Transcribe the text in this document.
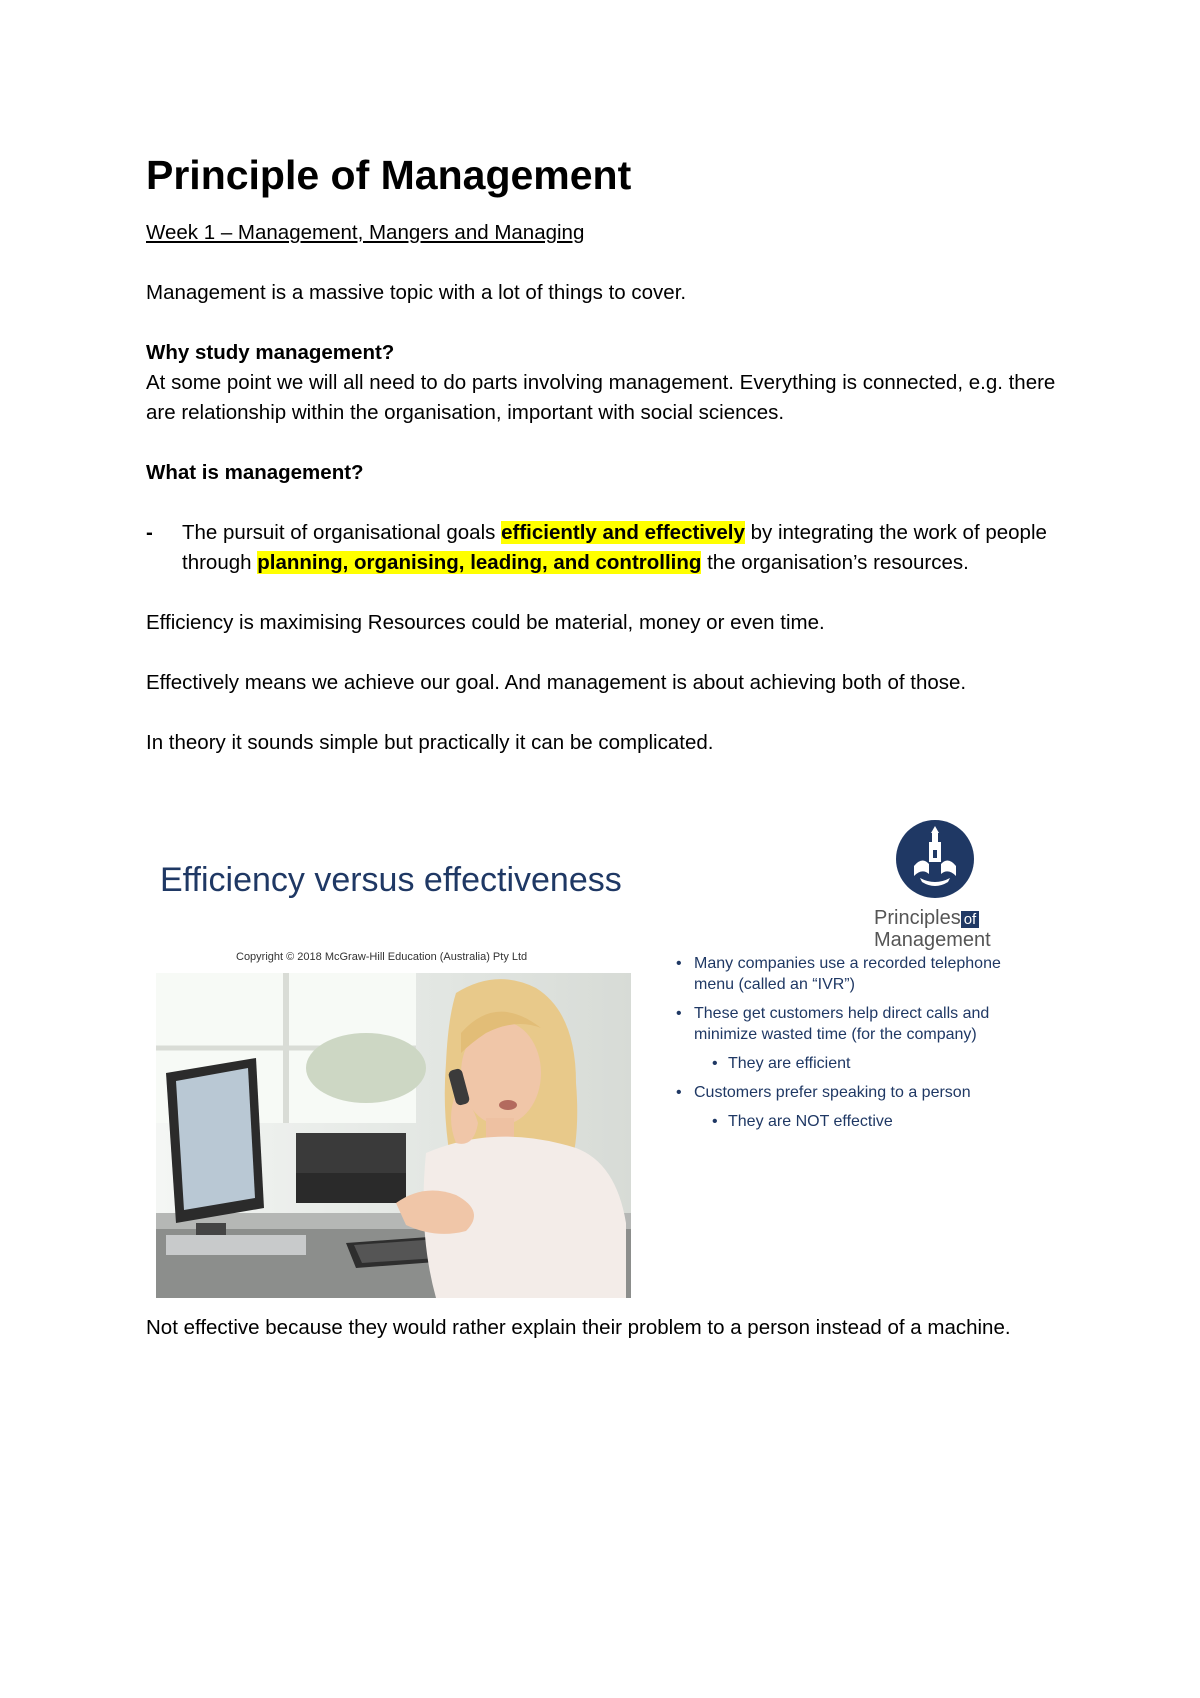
Principle of Management
Week 1 – Management, Mangers and Managing

Management is a massive topic with a lot of things to cover.

Why study management?
At some point we will all need to do parts involving management. Everything is connected, e.g. there are relationship within the organisation, important with social sciences.

What is management?

- The pursuit of organisational goals efficiently and effectively by integrating the work of people through planning, organising, leading, and controlling the organisation’s resources.

Efficiency is maximising Resources could be material, money or even time.

Effectively means we achieve our goal. And management is about achieving both of those.

In theory it sounds simple but practically it can be complicated.

Efficiency versus effectiveness
Principles of
Management
Copyright © 2018 McGraw-Hill Education (Australia) Pty Ltd
•	Many companies use a recorded telephone menu (called an “IVR”)
• These get customers help direct calls and minimize wasted time (for the company)
• They are efficient
• Customers prefer speaking to a person
• They are NOT effective
Not effective because they would rather explain their problem to a person instead of a machine.
